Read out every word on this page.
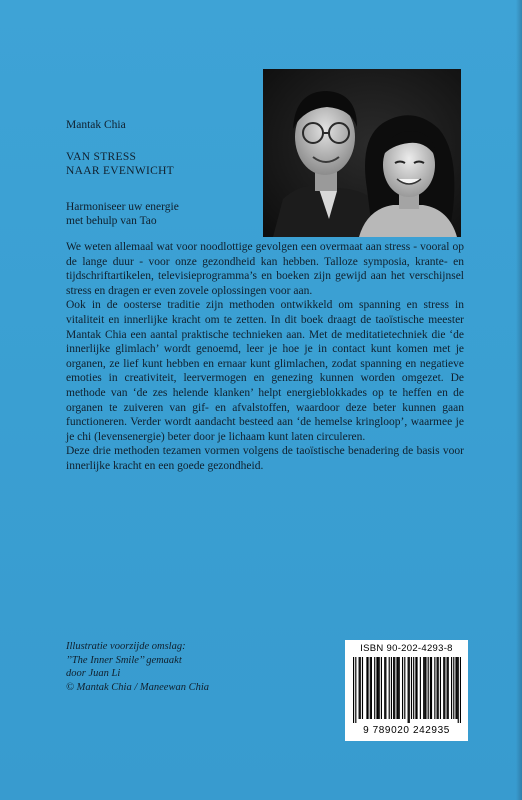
Mantak Chia
VAN STRESS
NAAR EVENWICHT
Harmoniseer uw energie
met behulp van Tao

We weten allemaal wat voor noodlottige gevolgen een overmaat aan stress - vooral op de lange duur - voor onze gezondheid kan hebben. Talloze symposia, krante- en tijdschriftartikelen, televisieprogramma’s en boeken zijn gewijd aan het verschijnsel stress en dragen er even zovele oplossingen voor aan.

Ook in de oosterse traditie zijn methoden ontwikkeld om spanning en stress in vitaliteit en innerlijke kracht om te zetten. In dit boek draagt de taoïstische meester Mantak Chia een aantal praktische technieken aan. Met de meditatietechniek die ‘de innerlijke glimlach’ wordt genoemd, leer je hoe je in contact kunt komen met je organen, ze lief kunt hebben en ernaar kunt glimlachen, zodat spanning en negatieve emoties in creativiteit, leervermogen en genezing kunnen worden omgezet. De methode van ‘de zes helende klanken’ helpt energieblokkades op te heffen en de organen te zuiveren van gif- en afvalstoffen, waardoor deze beter kunnen gaan functioneren. Verder wordt aandacht besteed aan ‘de hemelse kringloop’, waarmee je je chi (levensenergie) beter door je lichaam kunt laten circuleren.

Deze drie methoden tezamen vormen volgens de taoïstische benadering de basis voor innerlijke kracht en een goede gezondheid.

Illustratie voorzijde omslag:
’’The Inner Smile’’ gemaakt
door Juan Li
© Mantak Chia / Maneewan Chia
ISBN 90-202-4293-8
9 789020 242935
